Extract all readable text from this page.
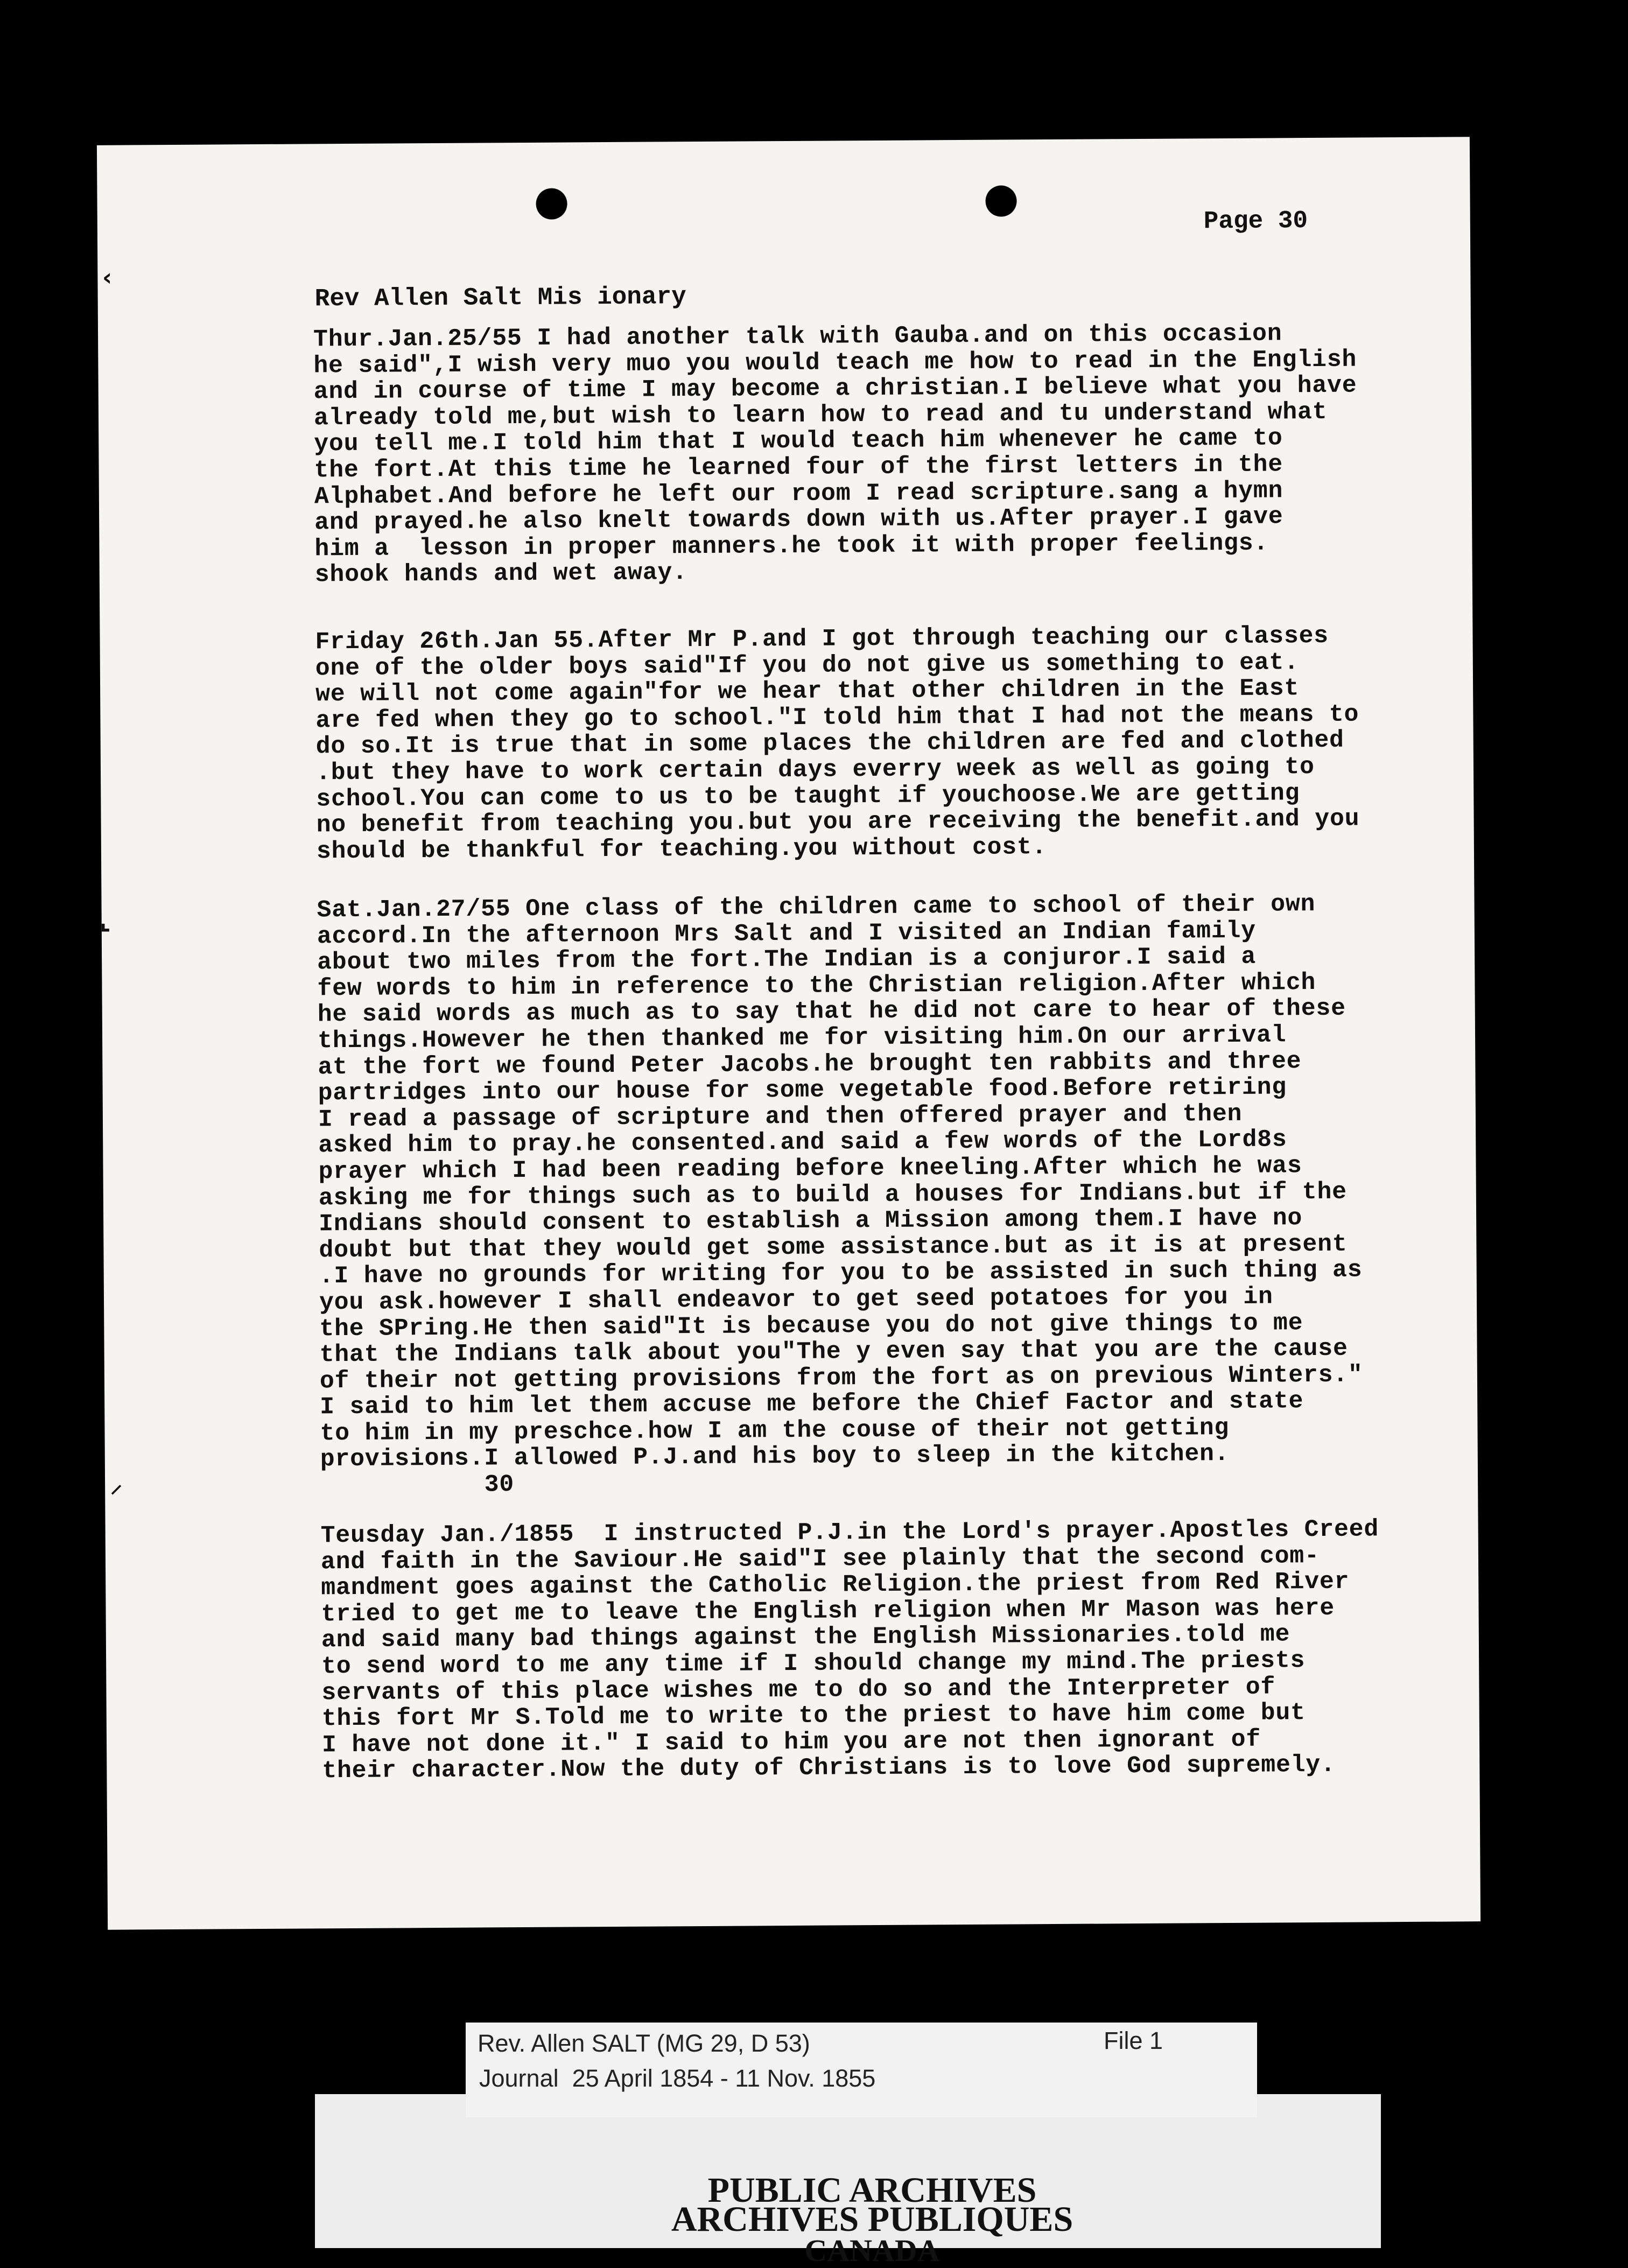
Page 30
Rev Allen Salt Mis ionary
Thur.Jan.25/55 I had another talk with Gauba.and on this occasion
he said",I wish very muo you would teach me how to read in the English
and in course of time I may become a christian.I believe what you have
already told me,but wish to learn how to read and tu understand what
you tell me.I told him that I would teach him whenever he came to
the fort.At this time he learned four of the first letters in the
Alphabet.And before he left our room I read scripture.sang a hymn
and prayed.he also knelt towards down with us.After prayer.I gave
him a  lesson in proper manners.he took it with proper feelings.
shook hands and wet away.
Friday 26th.Jan 55.After Mr P.and I got through teaching our classes
one of the older boys said"If you do not give us something to eat.
we will not come again"for we hear that other children in the East
are fed when they go to school."I told him that I had not the means to
do so.It is true that in some places the children are fed and clothed
.but they have to work certain days everry week as well as going to
school.You can come to us to be taught if youchoose.We are getting
no benefit from teaching you.but you are receiving the benefit.and you
should be thankful for teaching.you without cost.
Sat.Jan.27/55 One class of the children came to school of their own
accord.In the afternoon Mrs Salt and I visited an Indian family
about two miles from the fort.The Indian is a conjuror.I said a
few words to him in reference to the Christian religion.After which
he said words as much as to say that he did not care to hear of these
things.However he then thanked me for visiting him.On our arrival
at the fort we found Peter Jacobs.he brought ten rabbits and three
partridges into our house for some vegetable food.Before retiring
I read a passage of scripture and then offered prayer and then
asked him to pray.he consented.and said a few words of the Lord8s
prayer which I had been reading before kneeling.After which he was
asking me for things such as to build a houses for Indians.but if the
Indians should consent to establish a Mission among them.I have no
doubt but that they would get some assistance.but as it is at present
.I have no grounds for writing for you to be assisted in such thing as
you ask.however I shall endeavor to get seed potatoes for you in
the SPring.He then said"It is because you do not give things to me
that the Indians talk about you"The y even say that you are the cause
of their not getting provisions from the fort as on previous Winters."
I said to him let them accuse me before the Chief Factor and state
to him in my preschce.how I am the couse of their not getting
provisions.I allowed P.J.and his boy to sleep in the kitchen.
30
Teusday Jan./1855  I instructed P.J.in the Lord's prayer.Apostles Creed
and faith in the Saviour.He said"I see plainly that the second com-
mandment goes against the Catholic Religion.the priest from Red River
tried to get me to leave the English religion when Mr Mason was here
and said many bad things against the English Missionaries.told me
to send word to me any time if I should change my mind.The priests
servants of this place wishes me to do so and the Interpreter of
this fort Mr S.Told me to write to the priest to have him come but
I have not done it." I said to him you are not then ignorant of
their character.Now the duty of Christians is to love God supremely.
‹
⌞
⸝
Rev. Allen SALT (MG 29, D 53)	File 1
Journal  25 April 1854 - 11 Nov. 1855
PUBLIC ARCHIVES
ARCHIVES PUBLIQUES
CANADA
